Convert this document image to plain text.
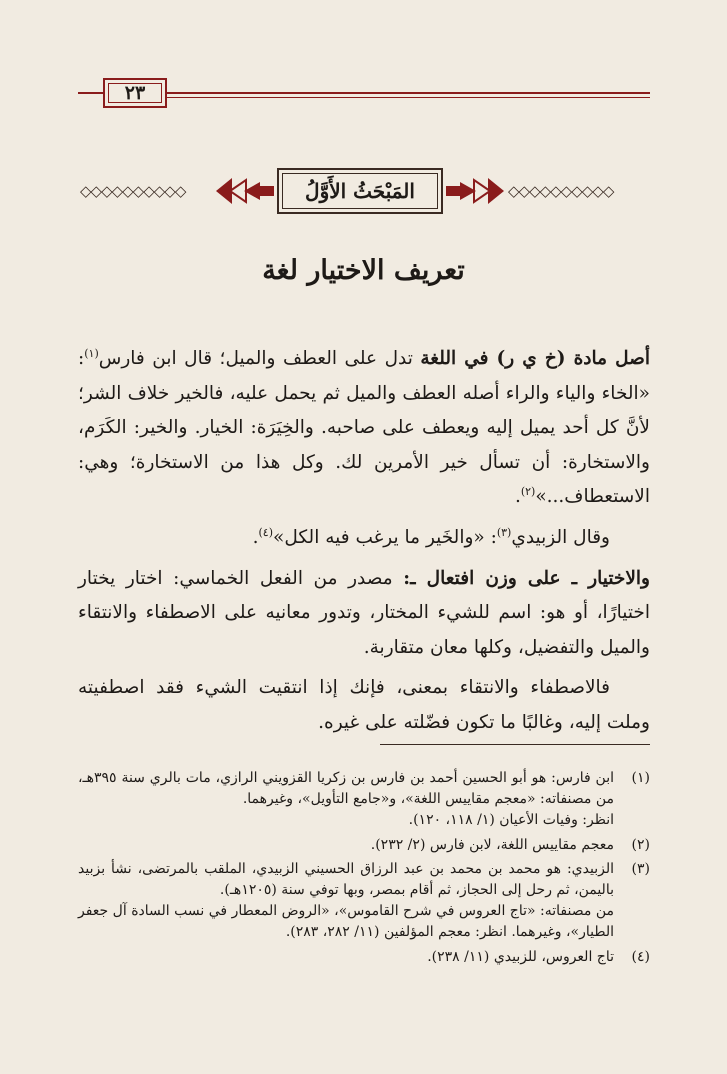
٢٣
◇◇◇◇◇◇◇◇◇◇	المَبْحَثُ الأَوَّلُ	◇◇◇◇◇◇◇◇◇◇
تعريف الاختيار لغة

أصل مادة (خ ي ر) في اللغة تدل على العطف والميل؛ قال ابن فارس$^{(١)}$: «الخاء والياء والراء أصله العطف والميل ثم يحمل عليه، فالخير خلاف الشر؛ لأنَّ كل أحد يميل إليه ويعطف على صاحبه. والخِيَرَة: الخيار. والخير: الكَرَم، والاستخارة: أن تسأل خير الأمرين لك. وكل هذا من الاستخارة؛ وهي: الاستعطاف...»$^{(٢)}$.

وقال الزبيدي$^{(٣)}$: «والخَير ما يرغب فيه الكل»$^{(٤)}$.

والاختيار ـ على وزن افتعال ـ: مصدر من الفعل الخماسي: اختار يختار اختيارًا، أو هو: اسم للشيء المختار، وتدور معانيه على الاصطفاء والانتقاء والميل والتفضيل، وكلها معان متقاربة.

فالاصطفاء والانتقاء بمعنى، فإنك إذا انتقيت الشيء فقد اصطفيته وملت إليه، وغالبًا ما تكون فضّلته على غيره.

(١)

ابن فارس: هو أبو الحسين أحمد بن فارس بن زكريا القزويني الرازي، مات بالري سنة ٣٩٥هـ، من مصنفاته: «معجم مقاييس اللغة»، و«جامع التأويل»، وغيرهما.

انظر: وفيات الأعيان (١/ ١١٨، ١٢٠).

(٢)

معجم مقاييس اللغة، لابن فارس (٢/ ٢٣٢).

(٣)

الزبيدي: هو محمد بن محمد بن عبد الرزاق الحسيني الزبيدي، الملقب بالمرتضى، نشأ بزبيد باليمن، ثم رحل إلى الحجاز، ثم أقام بمصر، وبها توفي سنة (١٢٠٥هـ).

من مصنفاته: «تاج العروس في شرح القاموس»، «الروض المعطار في نسب السادة آل جعفر الطيار»، وغيرهما. انظر: معجم المؤلفين (١١/ ٢٨٢، ٢٨٣).

(٤)

تاج العروس، للزبيدي (١١/ ٢٣٨).
